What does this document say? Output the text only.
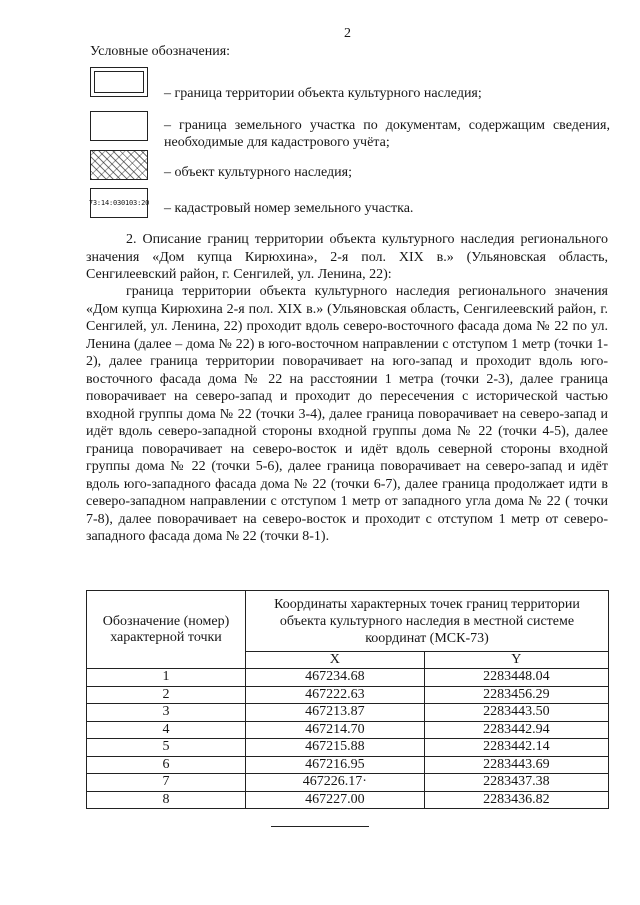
2
Условные обозначения:
– граница территории объекта культурного наследия;
– граница земельного участка по документам, содержащим сведения, необходимые для кадастрового учёта;
– объект культурного наследия;
73:14:030103:20 – кадастровый номер земельного участка.
2. Описание границ территории объекта культурного наследия регионального значения «Дом купца Кирюхина», 2-я пол. XIX в.» (Ульяновская область, Сенгилеевский район, г. Сенгилей, ул. Ленина, 22):
граница территории объекта культурного наследия регионального значения «Дом купца Кирюхина 2-я пол. XIX в.» (Ульяновская область, Сенгилеевский район, г. Сенгилей, ул. Ленина, 22) проходит вдоль северо-восточного фасада дома № 22 по ул. Ленина (далее – дома № 22) в юго-восточном направлении с отступом 1 метр (точки 1-2), далее граница территории поворачивает на юго-запад и проходит вдоль юго-восточного фасада дома № 22 на расстоянии 1 метра (точки 2-3), далее граница поворачивает на северо-запад и проходит до пересечения с исторической частью входной группы дома № 22 (точки 3-4), далее граница поворачивает на северо-запад и идёт вдоль северо-западной стороны входной группы дома № 22 (точки 4-5), далее граница поворачивает на северо-восток и идёт вдоль северной стороны входной группы дома № 22 (точки 5-6), далее граница поворачивает на северо-запад и идёт вдоль юго-западного фасада дома № 22 (точки 6-7), далее граница продолжает идти в северо-западном направлении с отступом 1 метр от западного угла дома № 22 ( точки 7-8), далее поворачивает на северо-восток и проходит с отступом 1 метр от северо-западного фасада дома № 22 (точки 8-1).
Обозначение (номер) характерной точки	Координаты характерных точек границ территории объекта культурного наследия в местной системе координат (МСК-73)	
	X	Y
1	467234.68	2283448.04
2	467222.63	2283456.29
3	467213.87	2283443.50
4	467214.70	2283442.94
5	467215.88	2283442.14
6	467216.95	2283443.69
7	467226.17·	2283437.38
8	467227.00	2283436.82
